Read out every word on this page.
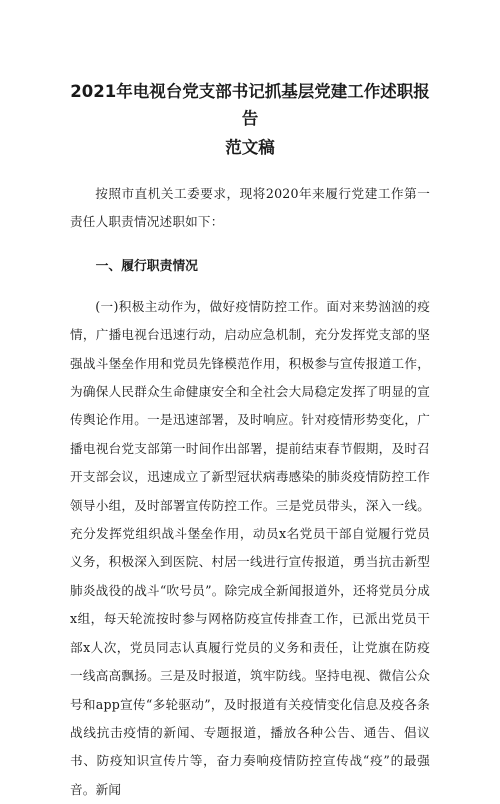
2021年电视台党支部书记抓基层党建工作述职报告
范文稿

按照市直机关工委要求，现将2020年来履行党建工作第一责任人职责情况述职如下：

一、履行职责情况

(一)积极主动作为，做好疫情防控工作。面对来势汹汹的疫情，广播电视台迅速行动，启动应急机制，充分发挥党支部的坚强战斗堡垒作用和党员先锋模范作用，积极参与宣传报道工作，为确保人民群众生命健康安全和全社会大局稳定发挥了明显的宣传舆论作用。一是迅速部署，及时响应。针对疫情形势变化，广播电视台党支部第一时间作出部署，提前结束春节假期，及时召开支部会议，迅速成立了新型冠状病毒感染的肺炎疫情防控工作领导小组，及时部署宣传防控工作。三是党员带头，深入一线。充分发挥党组织战斗堡垒作用，动员x名党员干部自觉履行党员义务，积极深入到医院、村居一线进行宣传报道，勇当抗击新型肺炎战役的战斗“吹号员”。除完成全新闻报道外，还将党员分成x组，每天轮流按时参与网格防疫宣传排查工作，已派出党员干部x人次，党员同志认真履行党员的义务和责任，让党旗在防疫一线高高飘扬。三是及时报道，筑牢防线。坚持电视、微信公众号和app宣传“多轮驱动”，及时报道有关疫情变化信息及疫各条战线抗击疫情的新闻、专题报道，播放各种公告、通告、倡议书、防疫知识宣传片等，奋力奏响疫情防控宣传战“疫”的最强音。新闻
